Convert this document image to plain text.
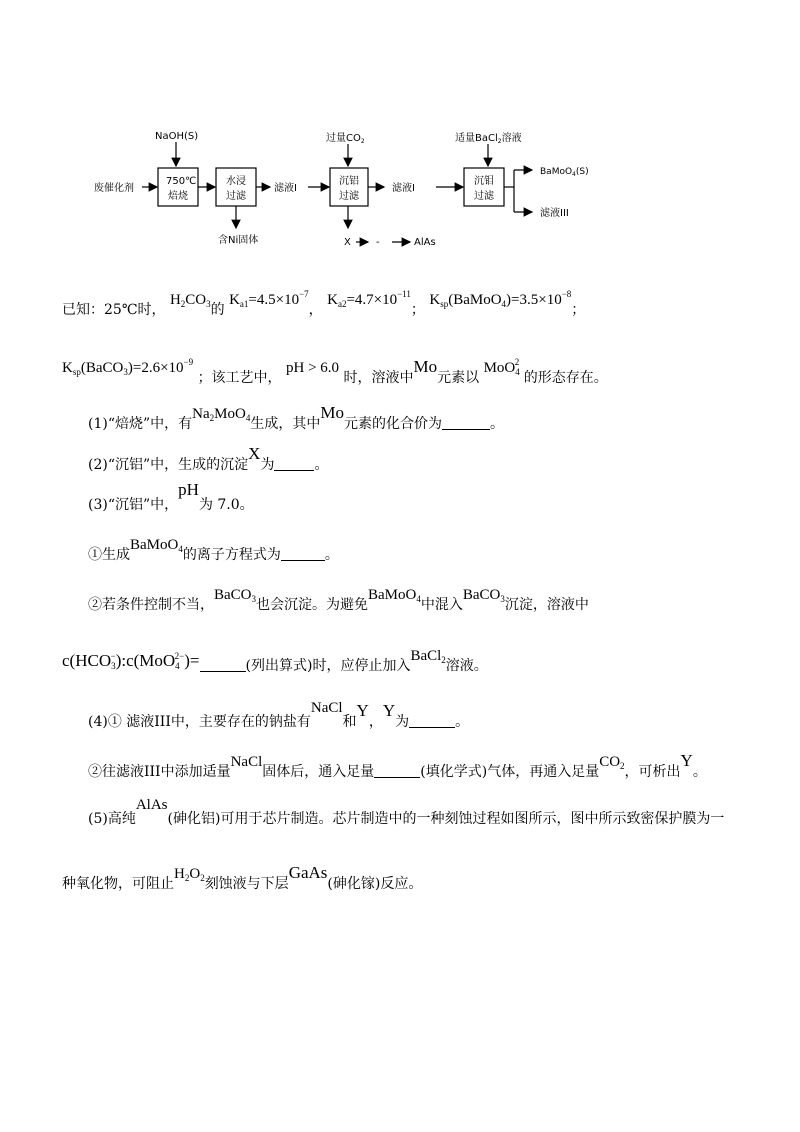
NaOH(S)	过量$CO_2$	适量BaCl$_2$溶液
废催化剂
750℃
焙烧
水浸
过滤
滤液I
沉铝
过滤
滤液I
沉钼
过滤
BaMoO$_4$(S)
滤液III
含Ni固体	X	-	AlAs
已知：25℃时， $H_2CO_3$的 $K_{a1}=4.5\times 10^{-7}$， $K_{a2}=4.7\times 10^{-11}$； $K_{sp}(BaMoO_4)=3.5\times 10^{-8}$；
$K_{sp}(BaCO_3)=2.6\times 10^{-9}$ ；该工艺中， pH > 6.0 时，溶液中Mo元素以 MoO$_4^2$ 的形态存在。
(1)“焙烧”中，有$Na_2MoO_4$生成，其中Mo元素的化合价为	。
(2)“沉铝”中，生成的沉淀X为	。
(3)“沉铝”中，pH为 7.0。
①生成BaMoO$_4$的离子方程式为	。
②若条件控制不当，BaCO$_3$也会沉淀。为避免BaMoO$_4$中混入BaCO$_3$沉淀，溶液中
$c(HCO_3^-):c(MoO_4^{2-})=$	(列出算式)时，应停止加入BaCl$_2$溶液。
(4)① 滤液III中，主要存在的钠盐有NaCl和Y，Y为	。
②往滤液III中添加适量NaCl固体后，通入足量	(填化学式)气体，再通入足量$CO_2$，可析出Y。
(5)高纯AlAs(砷化铝)可用于芯片制造。芯片制造中的一种刻蚀过程如图所示，图中所示致密保护膜为一
种氧化物，可阻止$H_2O_2$刻蚀液与下层GaAs(砷化镓)反应。
